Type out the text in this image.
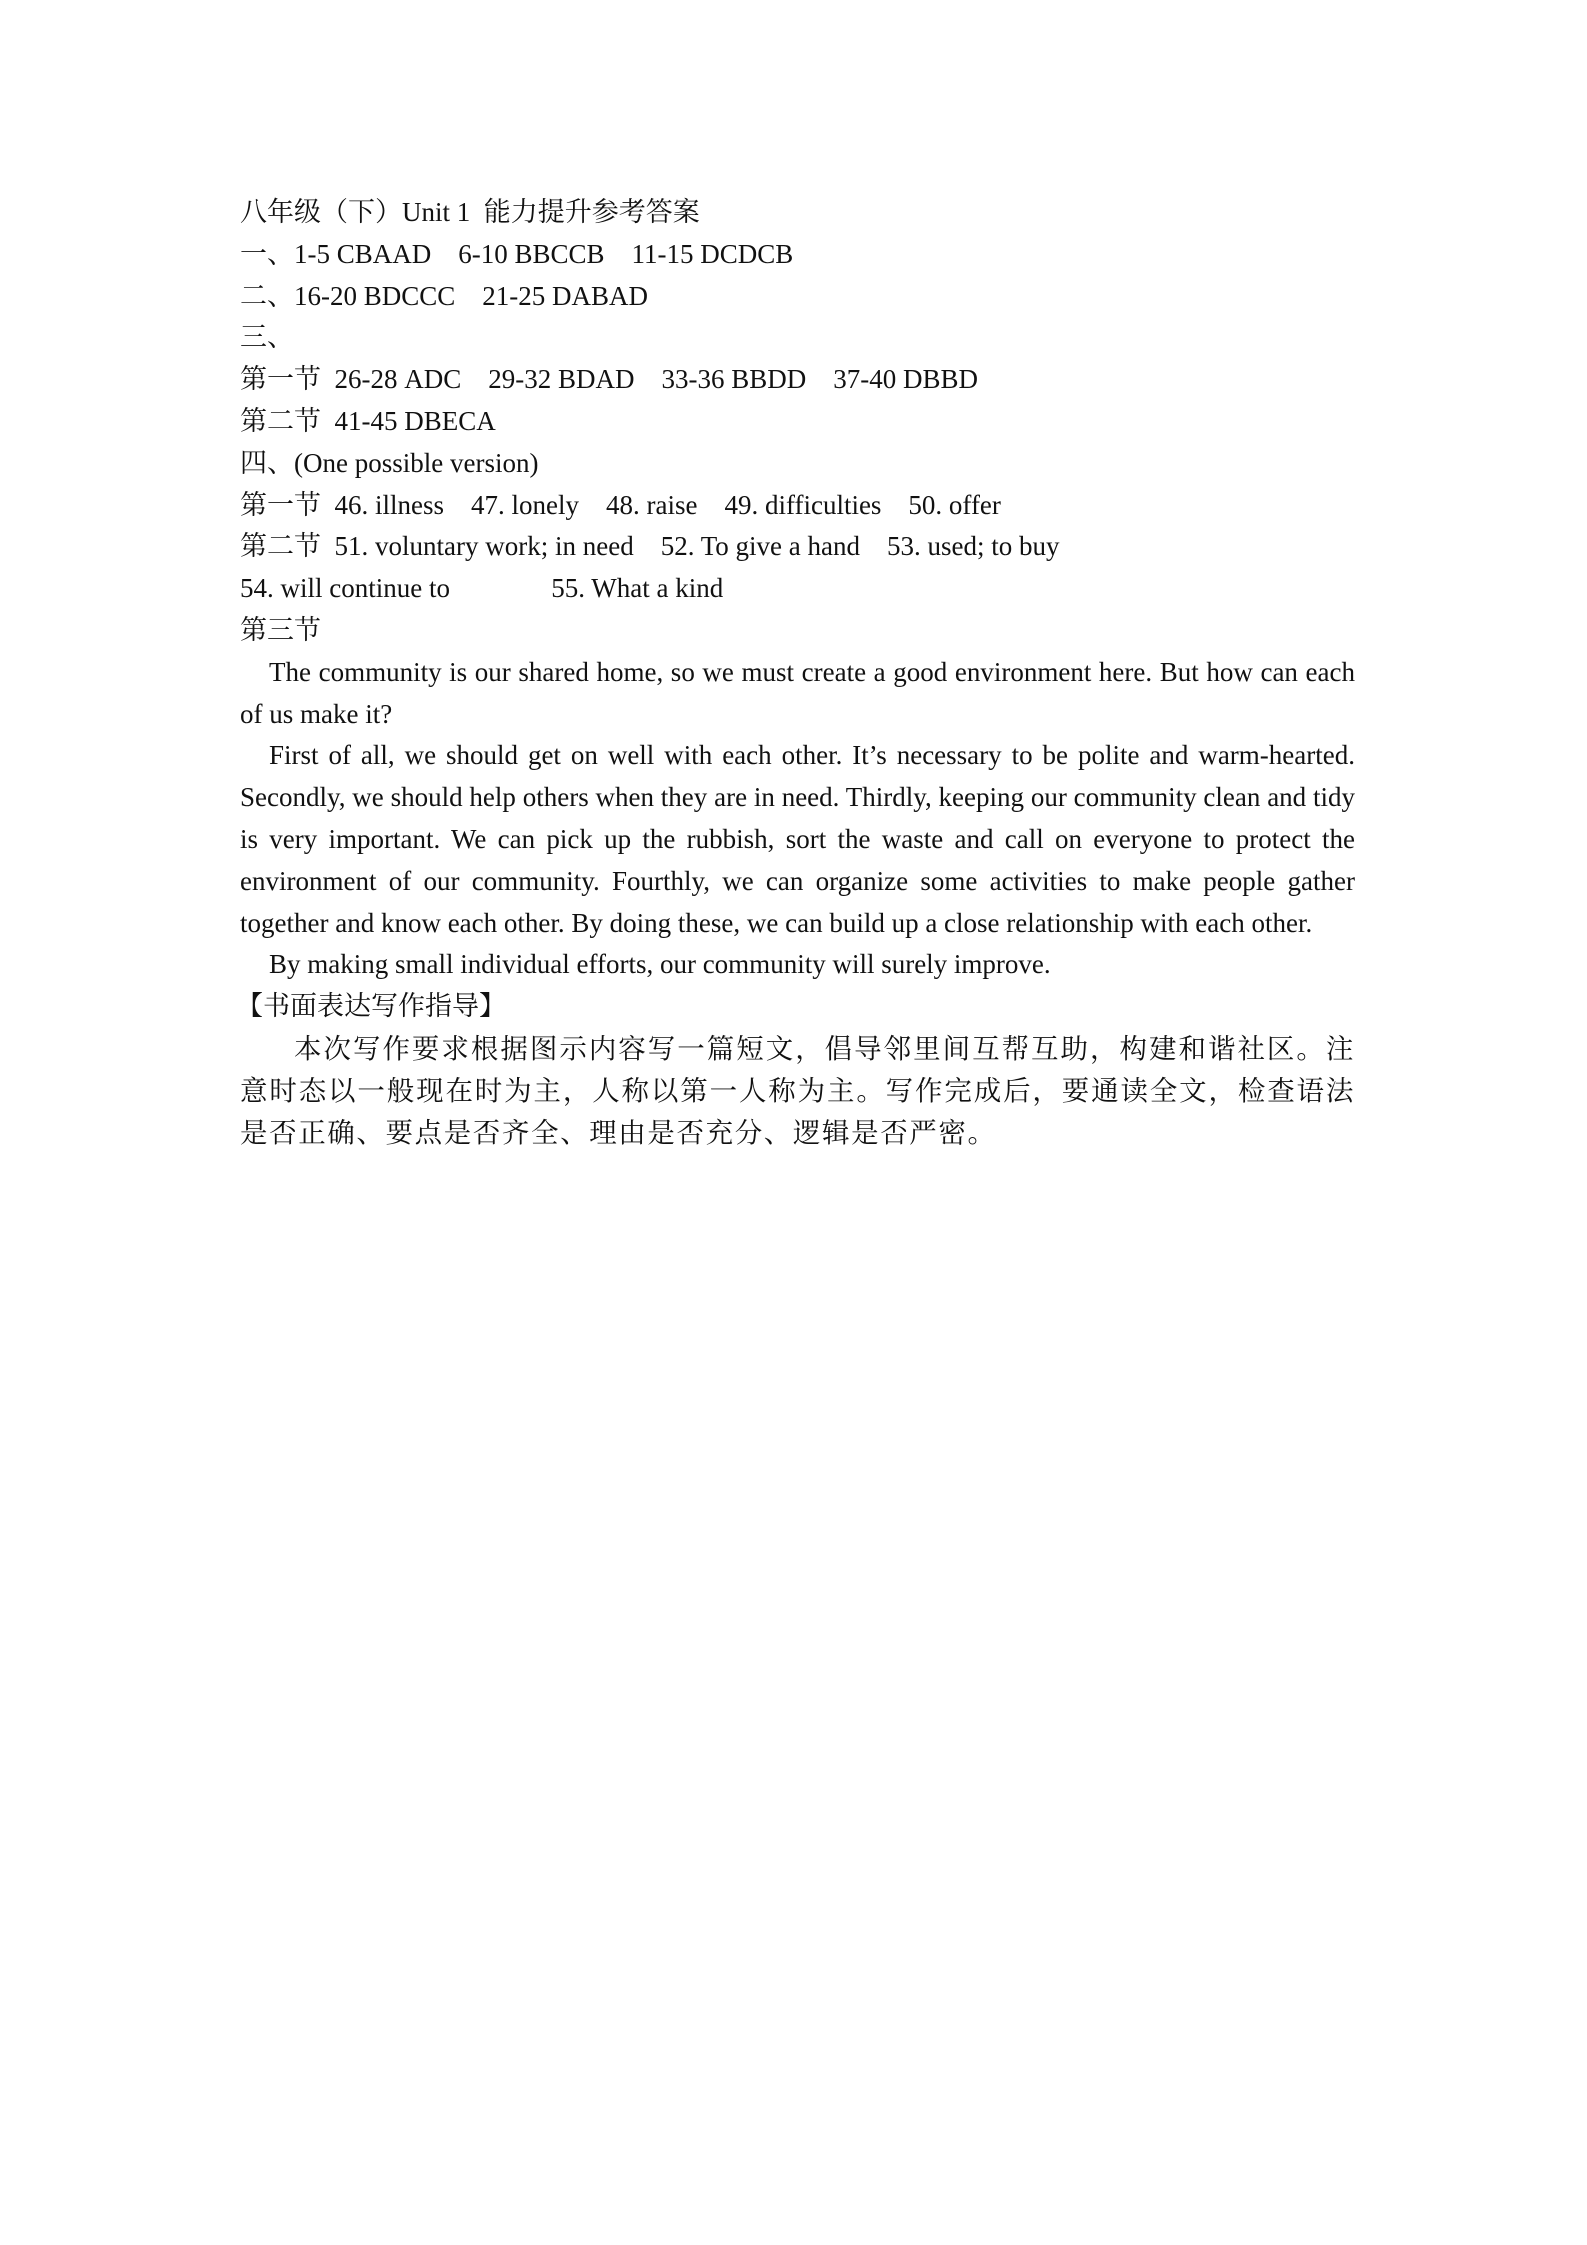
八年级（下）Unit 1  能力提升参考答案

一、1-5 CBAAD    6-10 BBCCB    11-15 DCDCB

二、16-20 BDCCC    21-25 DABAD

三、

第一节  26-28 ADC    29-32 BDAD    33-36 BBDD    37-40 DBBD

第二节  41-45 DBECA

四、(One possible version)

第一节  46. illness    47. lonely    48. raise    49. difficulties    50. offer

第二节  51. voluntary work; in need    52. To give a hand    53. used; to buy

54. will continue to               55. What a kind

第三节

The community is our shared home, so we must create a good environment here. But how can each of us make it?

First of all, we should get on well with each other. It’s necessary to be polite and warm-hearted. Secondly, we should help others when they are in need. Thirdly, keeping our community clean and tidy is very important. We can pick up the rubbish, sort the waste and call on everyone to protect the environment of our community. Fourthly, we can organize some activities to make people gather together and know each other. By doing these, we can build up a close relationship with each other.

By making small individual efforts, our community will surely improve.

【书面表达写作指导】

本次写作要求根据图示内容写一篇短文，倡导邻里间互帮互助，构建和谐社区。注意时态以一般现在时为主，人称以第一人称为主。写作完成后，要通读全文，检查语法是否正确、要点是否齐全、理由是否充分、逻辑是否严密。
